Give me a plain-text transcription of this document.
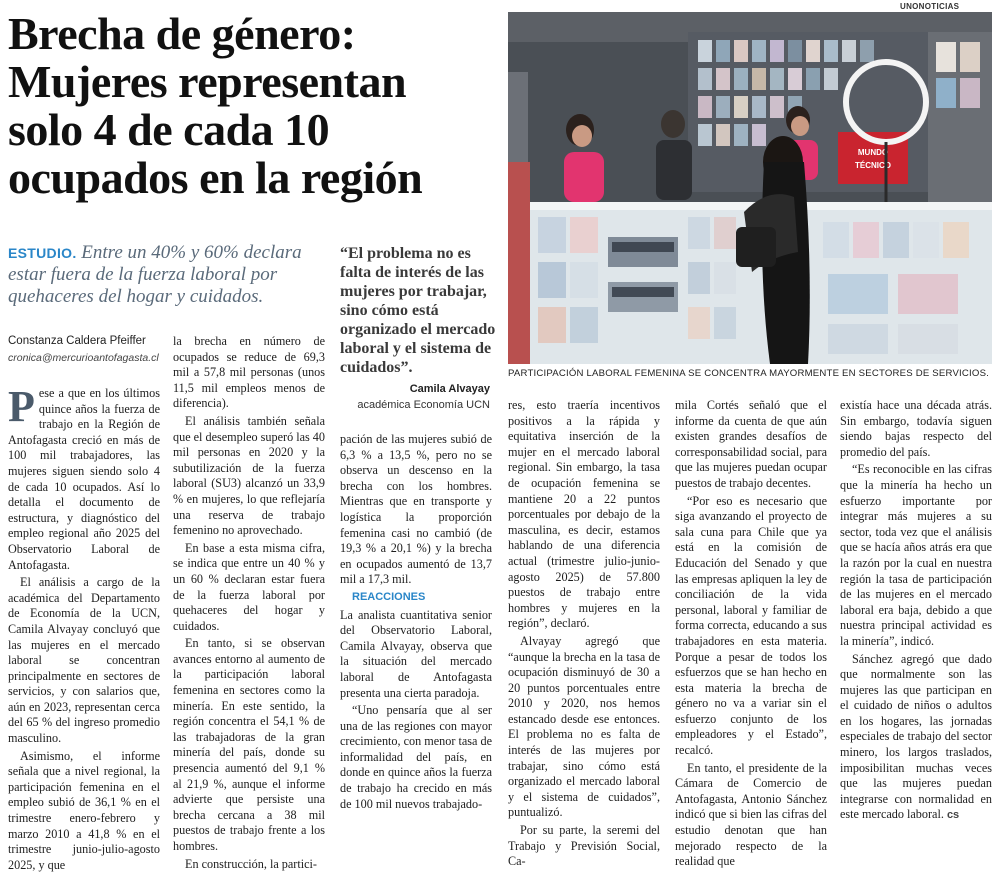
Brecha de género:
Mujeres representan
solo 4 de cada 10
ocupados en la región
ESTUDIO. Entre un 40% y 60% declara estar fuera de la fuerza laboral por quehaceres del hogar y cuidados.
“El problema no es falta de interés de las mujeres por trabajar, sino cómo está organizado el mercado laboral y el sistema de cuidados”.
Camila Alvayay
académica Economía UCN
Constanza Caldera Pfeiffer
cronica@mercurioantofagasta.cl
UNONOTICIAS
MUNDO
TÉCNICO
PARTICIPACIÓN LABORAL FEMENINA SE CONCENTRA MAYORMENTE EN SECTORES DE SERVICIOS.

Pese a que en los últimos quince años la fuerza de trabajo en la Región de Antofagasta creció en más de 100 mil trabajadores, las mujeres siguen siendo solo 4 de cada 10 ocupados. Así lo detalla el documento de estructura, y diagnóstico del empleo regional año 2025 del Observatorio Laboral de Antofagasta.

El análisis a cargo de la académica del Departamento de Economía de la UCN, Camila Alvayay concluyó que las mujeres en el mercado laboral se concentran principalmente en sectores de servicios, y con salarios que, aún en 2023, representan cerca del 65 % del ingreso promedio masculino.

Asimismo, el informe señala que a nivel regional, la participación femenina en el empleo subió de 36,1 % en el trimestre enero-febrero y marzo 2010 a 41,8 % en el trimestre junio-julio-agosto 2025, y que

la brecha en número de ocupados se reduce de 69,3 mil a 57,8 mil personas (unos 11,5 mil empleos menos de diferencia).

El análisis también señala que el desempleo superó las 40 mil personas en 2020 y la subutilización de la fuerza laboral (SU3) alcanzó un 33,9 % en mujeres, lo que reflejaría una reserva de trabajo femenino no aprovechado.

En base a esta misma cifra, se indica que entre un 40 % y un 60 % declaran estar fuera de la fuerza laboral por quehaceres del hogar y cuidados.

En tanto, si se observan avances entorno al aumento de la participación laboral femenina en sectores como la minería. En este sentido, la región concentra el 54,1 % de las trabajadoras de la gran minería del país, donde su presencia aumentó del 9,1 % al 21,9 %, aunque el informe advierte que persiste una brecha cercana a 38 mil puestos de trabajo frente a los hombres.

En construcción, la partici-

pación de las mujeres subió de 6,3 % a 13,5 %, pero no se observa un descenso en la brecha con los hombres. Mientras que en transporte y logística la proporción femenina casi no cambió (de 19,3 % a 20,1 %) y la brecha en ocupados aumentó de 13,7 mil a 17,3 mil.

REACCIONES

La analista cuantitativa senior del Observatorio Laboral, Camila Alvayay, observa que la situación del mercado laboral de Antofagasta presenta una cierta paradoja.

“Uno pensaría que al ser una de las regiones con mayor crecimiento, con menor tasa de informalidad del país, en donde en quince años la fuerza de trabajo ha crecido en más de 100 mil nuevos trabajado-

res, esto traería incentivos positivos a la rápida y equitativa inserción de la mujer en el mercado laboral regional. Sin embargo, la tasa de ocupación femenina se mantiene 20 a 22 puntos porcentuales por debajo de la masculina, es decir, estamos hablando de una diferencia actual (trimestre julio-junio-agosto 2025) de 57.800 puestos de trabajo entre hombres y mujeres en la región”, declaró.

Alvayay agregó que “aunque la brecha en la tasa de ocupación disminuyó de 30 a 20 puntos porcentuales entre 2010 y 2020, nos hemos estancado desde ese entonces. El problema no es falta de interés de las mujeres por trabajar, sino cómo está organizado el mercado laboral y el sistema de cuidados”, puntualizó.

Por su parte, la seremi del Trabajo y Previsión Social, Ca-

mila Cortés señaló que el informe da cuenta de que aún existen grandes desafíos de corresponsabilidad social, para que las mujeres puedan ocupar puestos de trabajo decentes.

“Por eso es necesario que siga avanzando el proyecto de sala cuna para Chile que ya está en la comisión de Educación del Senado y que las empresas apliquen la ley de conciliación de la vida personal, laboral y familiar de forma correcta, educando a sus trabajadores en esta materia. Porque a pesar de todos los esfuerzos que se han hecho en esta materia la brecha de género no va a variar sin el esfuerzo conjunto de los empleadores y el Estado”, recalcó.

En tanto, el presidente de la Cámara de Comercio de Antofagasta, Antonio Sánchez indicó que si bien las cifras del estudio denotan que han mejorado respecto de la realidad que

existía hace una década atrás. Sin embargo, todavía siguen siendo bajas respecto del promedio del país.

“Es reconocible en las cifras que la minería ha hecho un esfuerzo importante por integrar más mujeres a su sector, toda vez que el análisis que se hacía años atrás era que la razón por la cual en nuestra región la tasa de participación de las mujeres en el mercado laboral era baja, debido a que nuestra principal actividad es la minería”, indicó.

Sánchez agregó que dado que normalmente son las mujeres las que participan en el cuidado de niños o adultos en los hogares, las jornadas especiales de trabajo del sector minero, los largos traslados, imposibilitan muchas veces que las mujeres puedan integrarse con normalidad en este mercado laboral. cs
